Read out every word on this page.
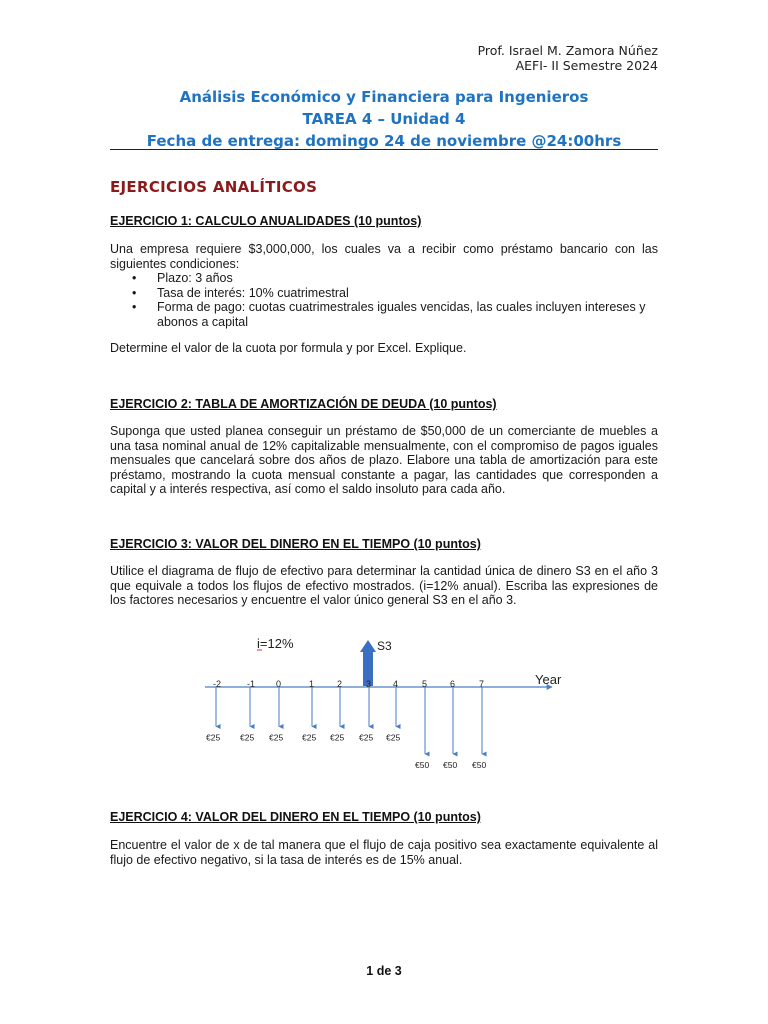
Prof. Israel M. Zamora Núñez
AEFI- II Semestre 2024
Análisis Económico y Financiera para Ingenieros
TAREA 4 – Unidad 4
Fecha de entrega: domingo 24 de noviembre @24:00hrs
EJERCICIOS ANALÍTICOS
EJERCICIO 1: CALCULO ANUALIDADES (10 puntos)
Una empresa requiere $3,000,000, los cuales va a recibir como préstamo bancario con las siguientes condiciones:
• Plazo: 3 años
• Tasa de interés: 10% cuatrimestral
• Forma de pago: cuotas cuatrimestrales iguales vencidas, las cuales incluyen intereses y abonos a capital
Determine el valor de la cuota por formula y por Excel. Explique.
EJERCICIO 2: TABLA DE AMORTIZACIÓN DE DEUDA (10 puntos)
Suponga que usted planea conseguir un préstamo de $50,000 de un comerciante de muebles a una tasa nominal anual de 12% capitalizable mensualmente, con el compromiso de pagos iguales mensuales que cancelará sobre dos años de plazo. Elabore una tabla de amortización para este préstamo, mostrando la cuota mensual constante a pagar, las cantidades que corresponden a capital y a interés respectiva, así como el saldo insoluto para cada año.
EJERCICIO 3: VALOR DEL DINERO EN EL TIEMPO (10 puntos)
Utilice el diagrama de flujo de efectivo para determinar la cantidad única de dinero S3 en el año 3 que equivale a todos los flujos de efectivo mostrados. (i=12% anual). Escriba las expresiones de los factores necesarios y encuentre el valor único general S3 en el año 3.
i=12%
Year
S3
-2	-1 0	1	2	3 4	5	6	7
€25 €25 €25 €25 €25 €25 €25
€50 €50 €50
EJERCICIO 4: VALOR DEL DINERO EN EL TIEMPO (10 puntos)
Encuentre el valor de x de tal manera que el flujo de caja positivo sea exactamente equivalente al flujo de efectivo negativo, si la tasa de interés es de 15% anual.
1 de 3
